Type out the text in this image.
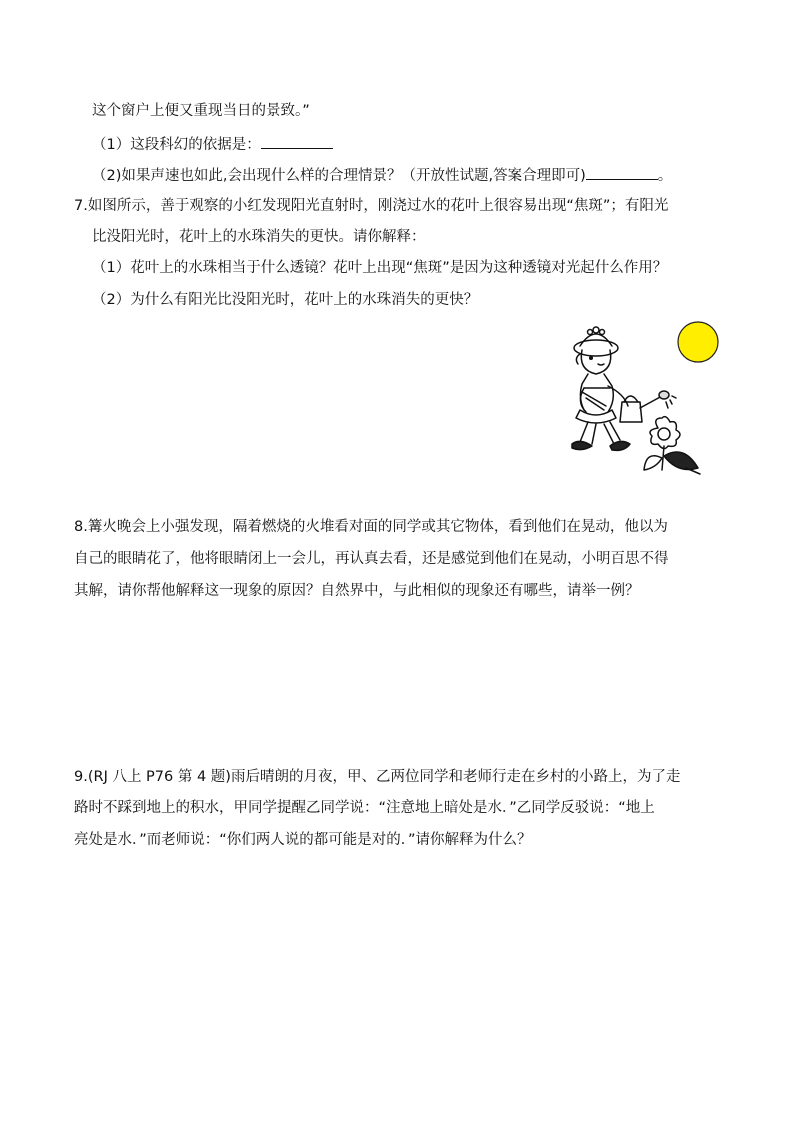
这个窗户上便又重现当日的景致。”
（1）这段科幻的依据是：
（2)如果声速也如此,会出现什么样的合理情景？（开放性试题,答案合理即可)	。
7.如图所示，善于观察的小红发现阳光直射时，刚浇过水的花叶上很容易出现“焦斑”；有阳光
比没阳光时，花叶上的水珠消失的更快。请你解释：
（1）花叶上的水珠相当于什么透镜？花叶上出现“焦斑”是因为这种透镜对光起什么作用？
（2）为什么有阳光比没阳光时，花叶上的水珠消失的更快？
8.篝火晚会上小强发现，隔着燃烧的火堆看对面的同学或其它物体，看到他们在晃动，他以为
自己的眼睛花了，他将眼睛闭上一会儿，再认真去看，还是感觉到他们在晃动，小明百思不得
其解，请你帮他解释这一现象的原因？自然界中，与此相似的现象还有哪些，请举一例？
9.(RJ 八上 P76 第 4 题)雨后晴朗的月夜，甲、乙两位同学和老师行走在乡村的小路上，为了走
路时不踩到地上的积水，甲同学提醒乙同学说：“注意地上暗处是水．”乙同学反驳说：“地上
亮处是水．”而老师说：“你们两人说的都可能是对的．”请你解释为什么？
